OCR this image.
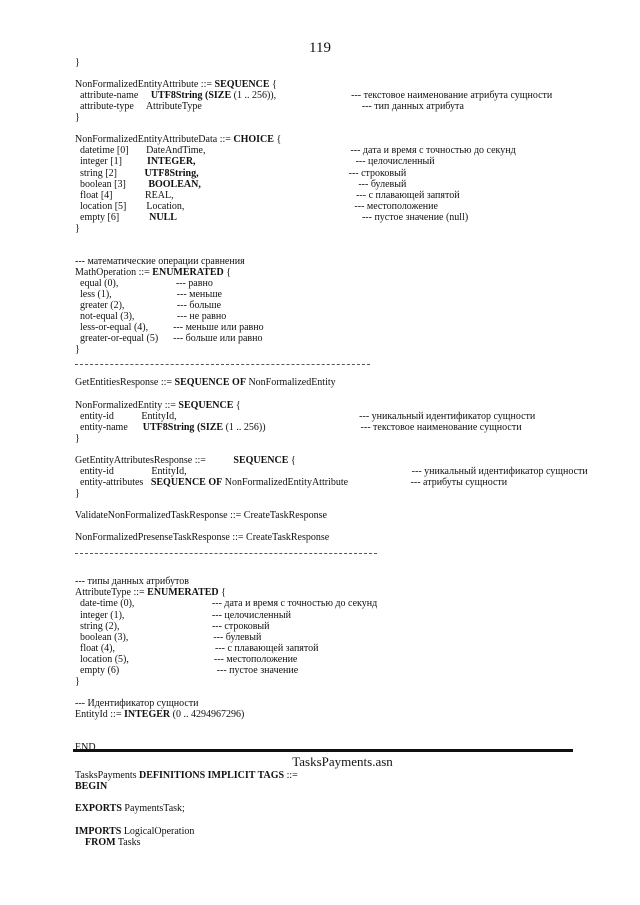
119
}
NonFormalizedEntityAttribute ::= SEQUENCE {
attribute-name     UTF8String (SIZE (1 .. 256)),                              --- текстовое наименование атрибута сущности
attribute-type     AttributeType                                                                --- тип данных атрибута
}
NonFormalizedEntityAttributeData ::= CHOICE {
datetime [0]       DateAndTime,                                                          --- дата и время с точностью до секунд
integer [1]          INTEGER,                                                                --- целочисленный
string [2]           UTF8String,                                                            --- строковый
boolean [3]         BOOLEAN,                                                               --- булевый
float [4]             REAL,                                                                         --- с плавающей запятой
location [5]        Location,                                                                    --- местоположение
empty [6]            NULL                                                                          --- пустое значение (null)
}
--- математические операции сравнения
MathOperation ::= ENUMERATED {
equal (0),                       --- равно
less (1),                          --- меньше
greater (2),                     --- больше
not-equal (3),                 --- не равно
less-or-equal (4),          --- меньше или равно
greater-or-equal (5)      --- больше или равно
}
GetEntitiesResponse ::= SEQUENCE OF NonFormalizedEntity
NonFormalizedEntity ::= SEQUENCE {
entity-id           EntityId,                                                                         --- уникальный идентификатор сущности
entity-name      UTF8String (SIZE (1 .. 256))                                      --- текстовое наименование сущности
}
GetEntityAttributesResponse ::=           SEQUENCE {
entity-id               EntityId,                                                                                          --- уникальный идентификатор сущности
entity-attributes   SEQUENCE OF NonFormalizedEntityAttribute                         --- атрибуты сущности
}
ValidateNonFormalizedTaskResponse ::= CreateTaskResponse
NonFormalizedPresenseTaskResponse ::= CreateTaskResponse
--- типы данных атрибутов
AttributeType ::= ENUMERATED {
date-time (0),                               --- дата и время с точностью до секунд
integer (1),                                   --- целочисленный
string (2),                                     --- строковый
boolean (3),                                  --- булевый
float (4),                                        --- с плавающей запятой
location (5),                                  --- местоположение
empty (6)                                       --- пустое значение
}
--- Идентификатор сущности
EntityId ::= INTEGER (0 .. 4294967296)
END
TasksPayments.asn
TasksPayments DEFINITIONS IMPLICIT TAGS ::=
BEGIN
EXPORTS PaymentsTask;
IMPORTS LogicalOperation
FROM Tasks
